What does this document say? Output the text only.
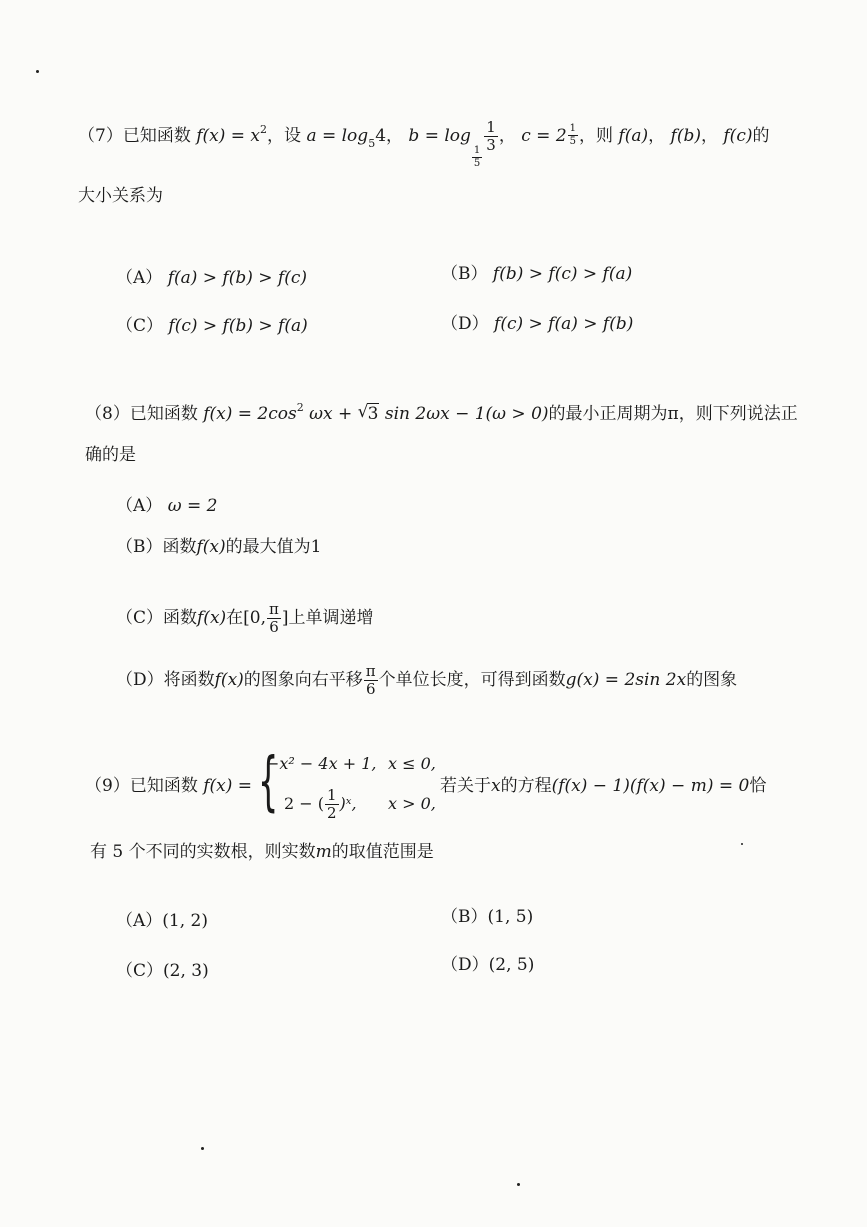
（7）已知函数 $f(x) = x^2$，设 $a = \log_54$， b = log
$\frac{1}{5}$
$\frac{1}{3}$ ， $c = 2 \frac{1}{5}$ ，则 f(a)， f(b)， f(c)的
大小关系为
（A） f(a) > f(b) > f(c)	（B） f(b) > f(c) > f(a)
（C） f(c) > f(b) > f(a)	（D） f(c) > f(a) > f(b)
（8）已知函数 $f(x) = 2\cos^2$ ωx + √ 3 sin 2ωx − 1(ω > 0)的最小正周期为π，则下列说法正
确的是
（A） ω = 2
（B）函数f(x)的最大值为1
（C）函数f(x)在[0, $\frac{\pi}{6}$ ]上单调递增
（D）将函数f(x)的图象向右平移 $\frac{\pi}{6}$ 个单位长度，可得到函数g(x) = 2sin 2x的图象
（9）已知函数 f(x) = {
−x² − 4x + 1, x ≤ 0,
2 − ( $\frac{1}{2}$ )ˣ, x > 0,
若关于x的方程(f(x) − 1)(f(x) − m) = 0恰
有 5 个不同的实数根，则实数m的取值范围是
（A）(1, 2)	（B）(1, 5)
（C）(2, 3)	（D）(2, 5)
